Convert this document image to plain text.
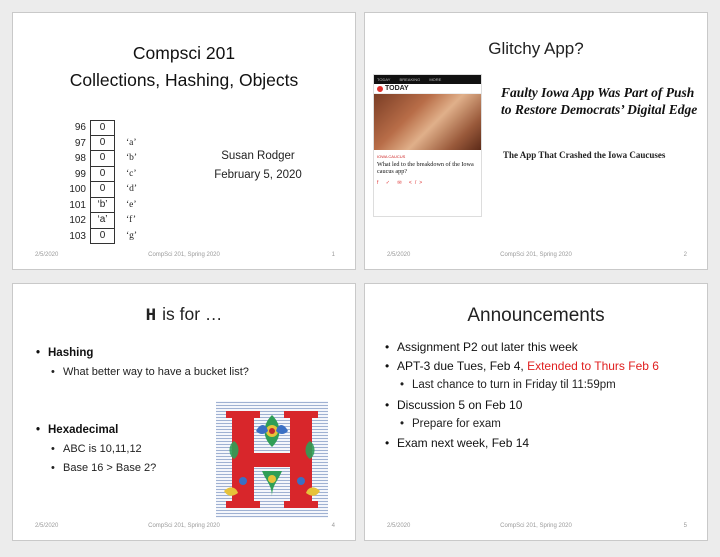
Compsci 201
Collections, Hashing, Objects
96	0
97	0	‘a’
98	0	‘b’
99	0	‘c’
100	0	‘d’
101	‘b’	‘e’
102	‘a’	‘f’
103	0	‘g’
Susan Rodger
February 5, 2020
2/5/2020	CompSci 201, Spring 2020	1
Glitchy App?
TODAY BREAKING MORE
TODAY
IOWA CAUCUS
What led to the breakdown of the Iowa caucus app?
f ✓ ✉ </>
Faulty Iowa App Was Part of Push to Restore Democrats’ Digital Edge
The App That Crashed the Iowa Caucuses
2/5/2020	CompSci 201, Spring 2020	2
H is for …
• Hashing
• What better way to have a bucket list?
• Hexadecimal
• ABC is 10,11,12
• Base 16 > Base 2?
2/5/2020	CompSci 201, Spring 2020	4
Announcements
• Assignment P2 out later this week
• APT-3 due Tues, Feb 4, Extended to Thurs Feb 6
• Last chance to turn in Friday til 11:59pm
• Discussion 5 on Feb 10
• Prepare for exam
• Exam next week, Feb 14
2/5/2020	CompSci 201, Spring 2020	5
